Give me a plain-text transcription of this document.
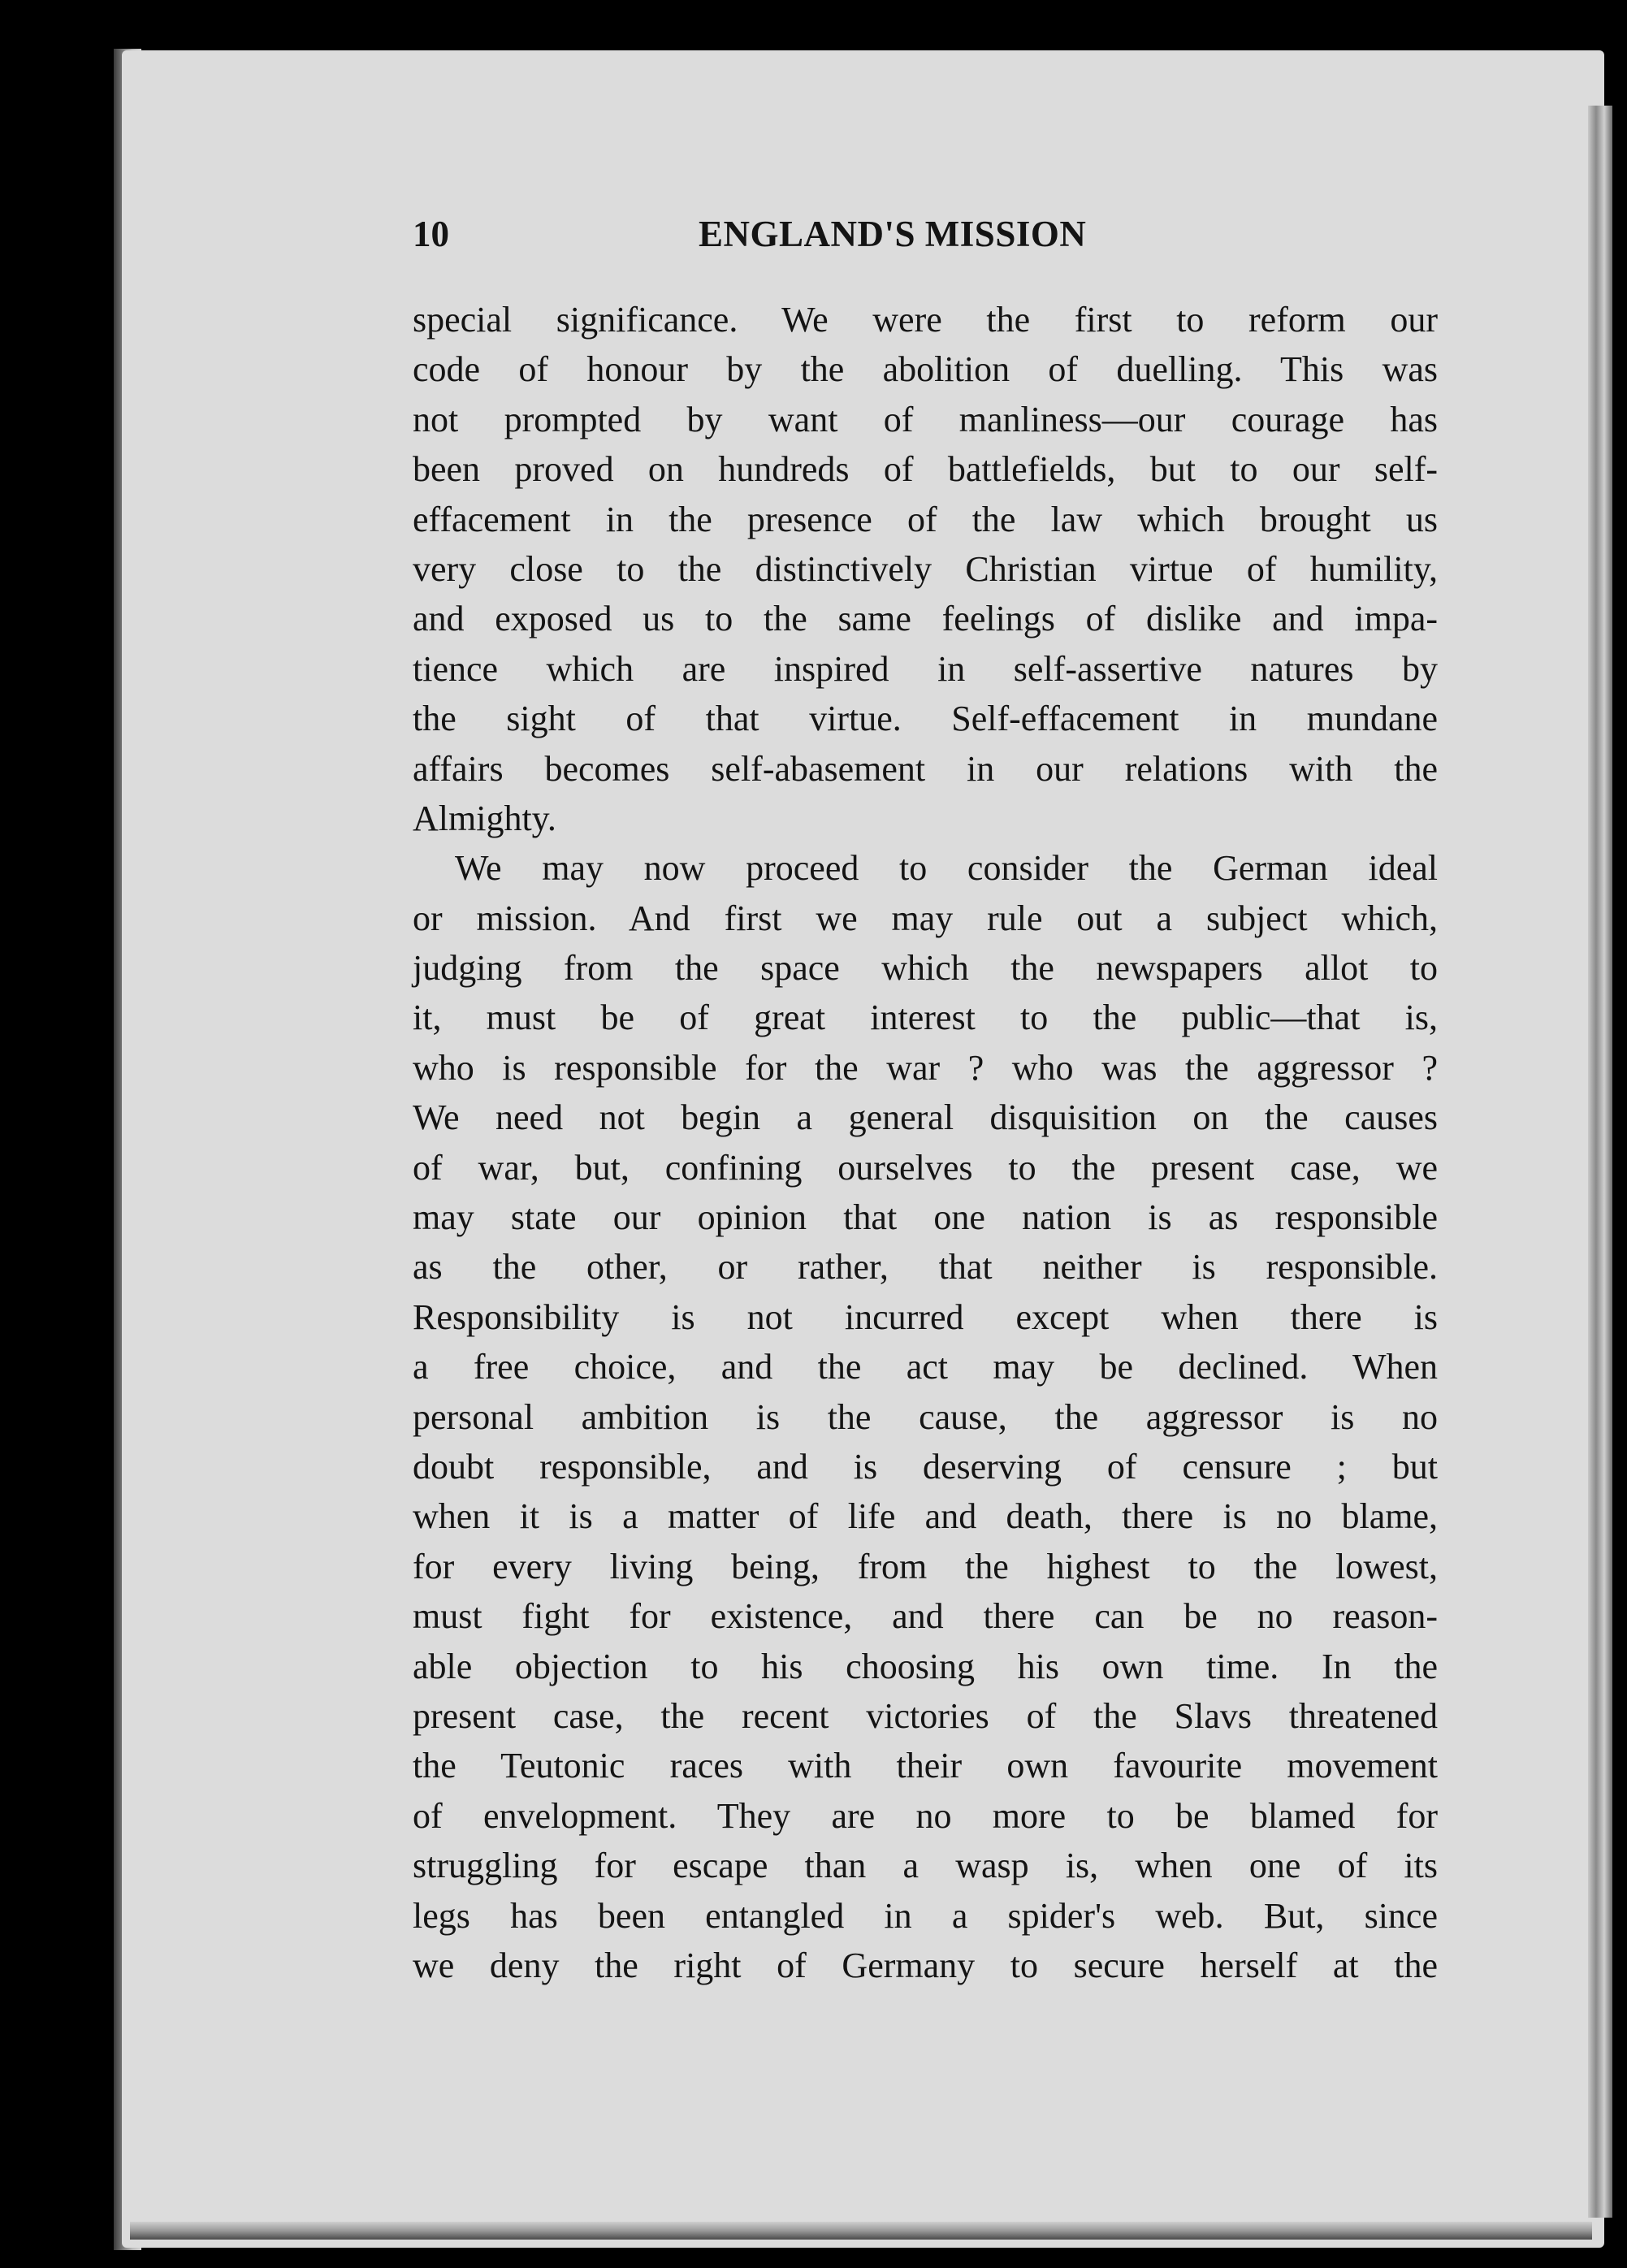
10	ENGLAND'S MISSION
special significance. We were the first to reform our
code of honour by the abolition of duelling. This was
not prompted by want of manliness—our courage has
been proved on hundreds of battlefields, but to our self-
effacement in the presence of the law which brought us
very close to the distinctively Christian virtue of humility,
and exposed us to the same feelings of dislike and impa-
tience which are inspired in self-assertive natures by
the sight of that virtue. Self-effacement in mundane
affairs becomes self-abasement in our relations with the
Almighty.
We may now proceed to consider the German ideal
or mission. And first we may rule out a subject which,
judging from the space which the newspapers allot to
it, must be of great interest to the public—that is,
who is responsible for the war ? who was the aggressor ?
We need not begin a general disquisition on the causes
of war, but, confining ourselves to the present case, we
may state our opinion that one nation is as responsible
as the other, or rather, that neither is responsible.
Responsibility is not incurred except when there is
a free choice, and the act may be declined. When
personal ambition is the cause, the aggressor is no
doubt responsible, and is deserving of censure ; but
when it is a matter of life and death, there is no blame,
for every living being, from the highest to the lowest,
must fight for existence, and there can be no reason-
able objection to his choosing his own time. In the
present case, the recent victories of the Slavs threatened
the Teutonic races with their own favourite movement
of envelopment. They are no more to be blamed for
struggling for escape than a wasp is, when one of its
legs has been entangled in a spider's web. But, since
we deny the right of Germany to secure herself at the
